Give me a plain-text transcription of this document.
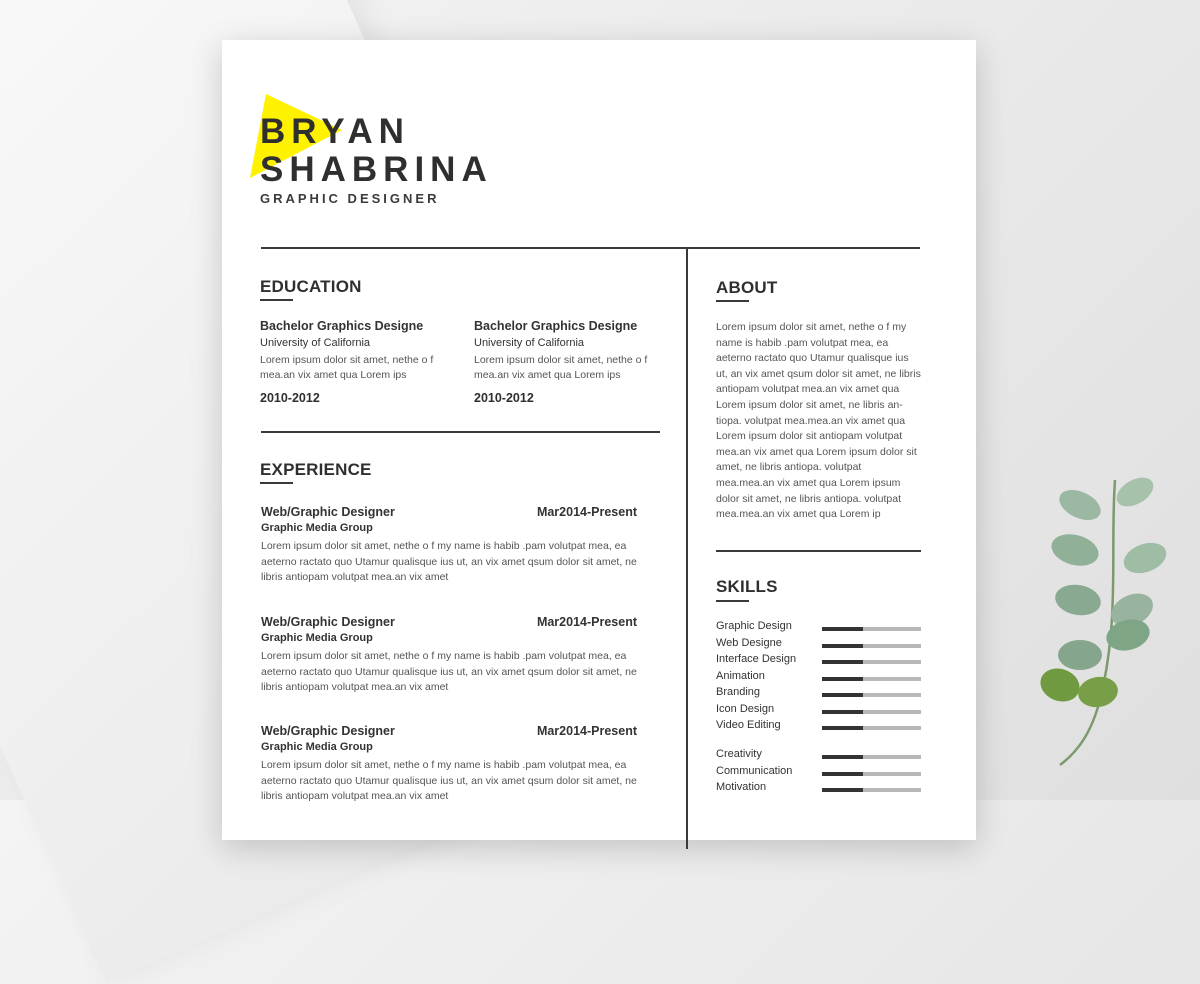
BRYAN
SHABRINA
GRAPHIC DESIGNER
EDUCATION
Bachelor Graphics Designe
University of California
Lorem ipsum dolor sit amet, nethe o f mea.an vix amet qua Lorem ips
2010-2012
Bachelor Graphics Designe
University of California
Lorem ipsum dolor sit amet, nethe o f mea.an vix amet qua Lorem ips
2010-2012
EXPERIENCE
Web/Graphic Designer	Mar2014-Present
Graphic Media Group
Lorem ipsum dolor sit amet, nethe o f my name is habib .pam volutpat mea, ea aeterno ractato quo Utamur qualisque ius ut, an vix amet qsum dolor sit amet, ne libris antiopam volutpat mea.an vix amet
Web/Graphic Designer	Mar2014-Present
Graphic Media Group
Lorem ipsum dolor sit amet, nethe o f my name is habib .pam volutpat mea, ea aeterno ractato quo Utamur qualisque ius ut, an vix amet qsum dolor sit amet, ne libris antiopam volutpat mea.an vix amet
Web/Graphic Designer	Mar2014-Present
Graphic Media Group
Lorem ipsum dolor sit amet, nethe o f my name is habib .pam volutpat mea, ea aeterno ractato quo Utamur qualisque ius ut, an vix amet qsum dolor sit amet, ne libris antiopam volutpat mea.an vix amet
ABOUT
Lorem ipsum dolor sit amet, nethe o f my name is habib .pam volutpat mea, ea aeterno ractato quo Utamur qualisque ius ut, an vix amet qsum dolor sit amet, ne libris antiopam volutpat mea.an vix amet qua Lorem ipsum dolor sit amet, ne libris an-tiopa. volutpat mea.mea.an vix amet qua Lorem ipsum dolor sit antiopam volutpat mea.an vix amet qua Lorem ipsum dolor sit amet, ne libris antiopa. volutpat mea.mea.an vix amet qua Lorem ipsum dolor sit amet, ne libris antiopa. volutpat mea.mea.an vix amet qua Lorem ip
SKILLS
Graphic Design
Web Designe
Interface Design
Animation
Branding
Icon Design
Video Editing
Creativity
Communication
Motivation
